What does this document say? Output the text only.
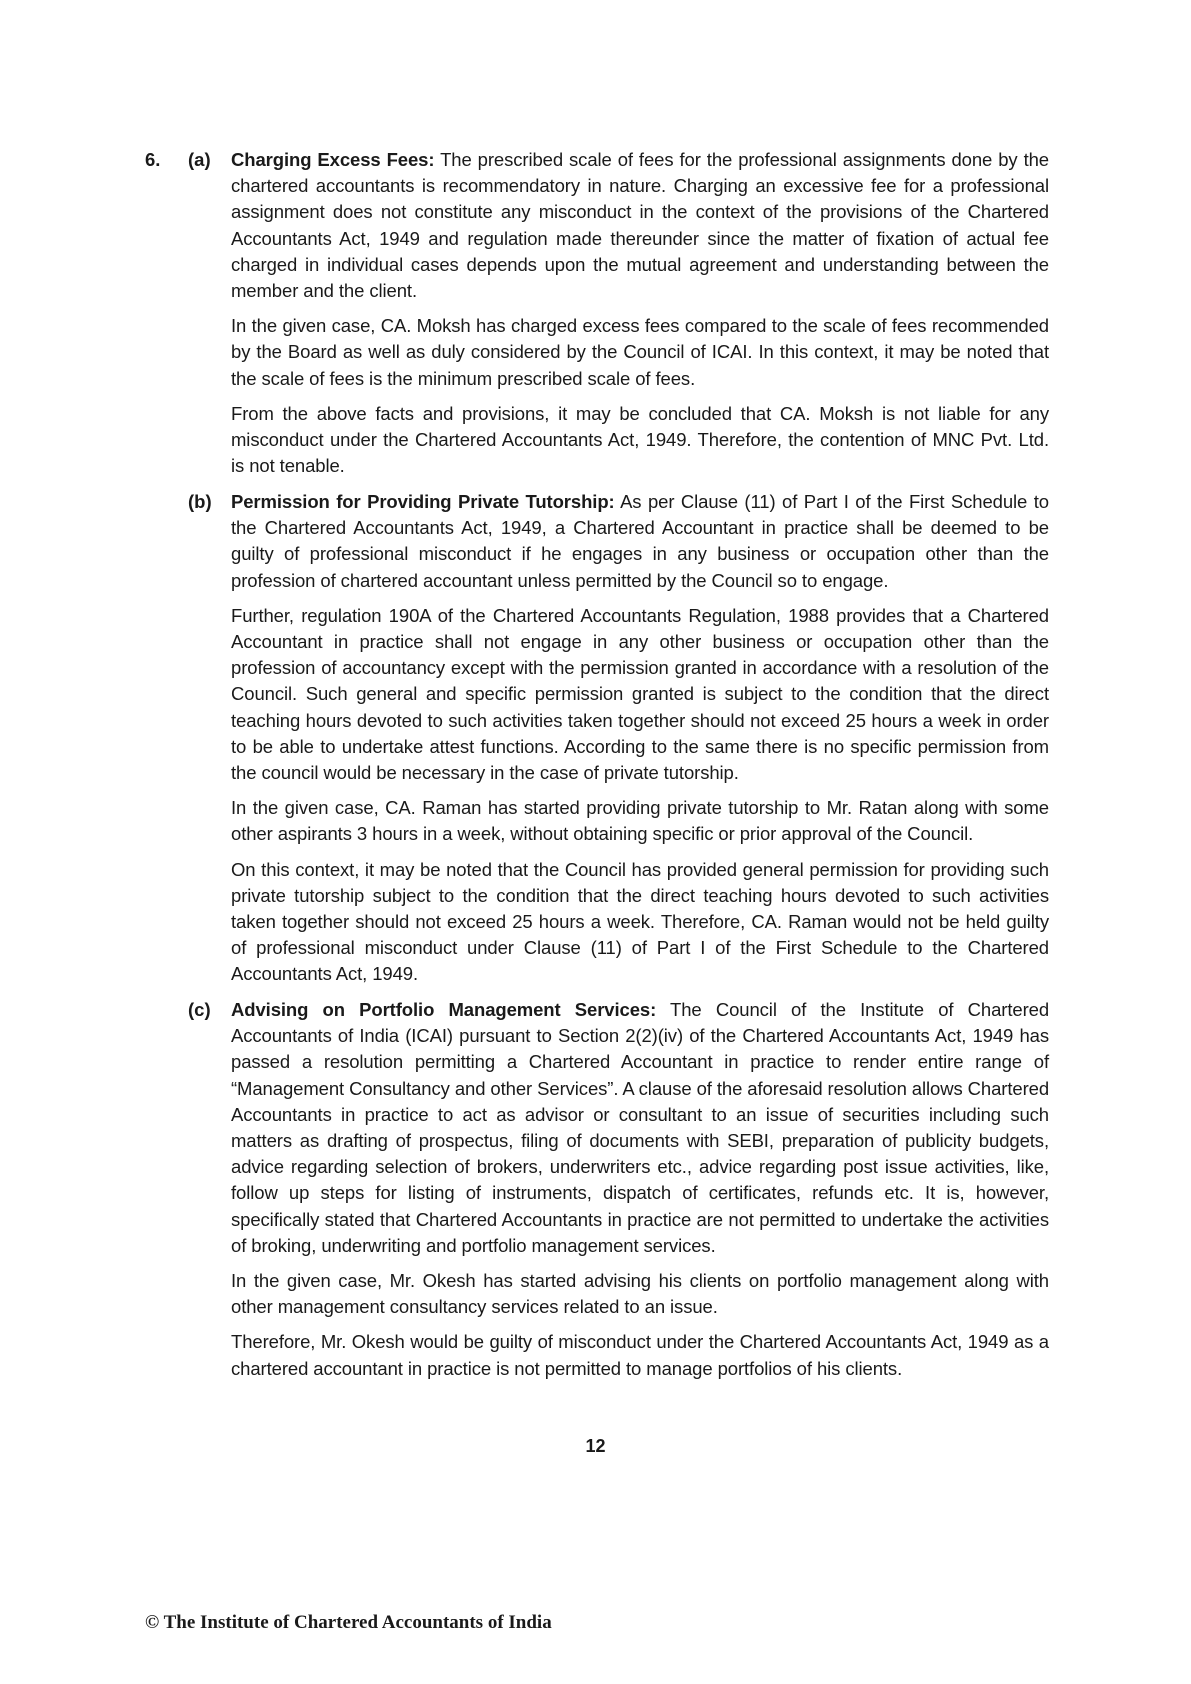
6. (a) Charging Excess Fees: The prescribed scale of fees for the professional assignments done by the chartered accountants is recommendatory in nature. Charging an excessive fee for a professional assignment does not constitute any misconduct in the context of the provisions of the Chartered Accountants Act, 1949 and regulation made thereunder since the matter of fixation of actual fee charged in individual cases depends upon the mutual agreement and understanding between the member and the client.

In the given case, CA. Moksh has charged excess fees compared to the scale of fees recommended by the Board as well as duly considered by the Council of ICAI. In this context, it may be noted that the scale of fees is the minimum prescribed scale of fees.

From the above facts and provisions, it may be concluded that CA. Moksh is not liable for any misconduct under the Chartered Accountants Act, 1949. Therefore, the contention of MNC Pvt. Ltd. is not tenable.

(b) Permission for Providing Private Tutorship: As per Clause (11) of Part I of the First Schedule to the Chartered Accountants Act, 1949, a Chartered Accountant in practice shall be deemed to be guilty of professional misconduct if he engages in any business or occupation other than the profession of chartered accountant unless permitted by the Council so to engage.

Further, regulation 190A of the Chartered Accountants Regulation, 1988 provides that a Chartered Accountant in practice shall not engage in any other business or occupation other than the profession of accountancy except with the permission granted in accordance with a resolution of the Council. Such general and specific permission granted is subject to the condition that the direct teaching hours devoted to such activities taken together should not exceed 25 hours a week in order to be able to undertake attest functions. According to the same there is no specific permission from the council would be necessary in the case of private tutorship.

In the given case, CA. Raman has started providing private tutorship to Mr. Ratan along with some other aspirants 3 hours in a week, without obtaining specific or prior approval of the Council.

On this context, it may be noted that the Council has provided general permission for providing such private tutorship subject to the condition that the direct teaching hours devoted to such activities taken together should not exceed 25 hours a week. Therefore, CA. Raman would not be held guilty of professional misconduct under Clause (11) of Part I of the First Schedule to the Chartered Accountants Act, 1949.

(c) Advising on Portfolio Management Services: The Council of the Institute of Chartered Accountants of India (ICAI) pursuant to Section 2(2)(iv) of the Chartered Accountants Act, 1949 has passed a resolution permitting a Chartered Accountant in practice to render entire range of “Management Consultancy and other Services”. A clause of the aforesaid resolution allows Chartered Accountants in practice to act as advisor or consultant to an issue of securities including such matters as drafting of prospectus, filing of documents with SEBI, preparation of publicity budgets, advice regarding selection of brokers, underwriters etc., advice regarding post issue activities, like, follow up steps for listing of instruments, dispatch of certificates, refunds etc. It is, however, specifically stated that Chartered Accountants in practice are not permitted to undertake the activities of broking, underwriting and portfolio management services.

In the given case, Mr. Okesh has started advising his clients on portfolio management along with other management consultancy services related to an issue.

Therefore, Mr. Okesh would be guilty of misconduct under the Chartered Accountants Act, 1949 as a chartered accountant in practice is not permitted to manage portfolios of his clients.

12
© The Institute of Chartered Accountants of India
